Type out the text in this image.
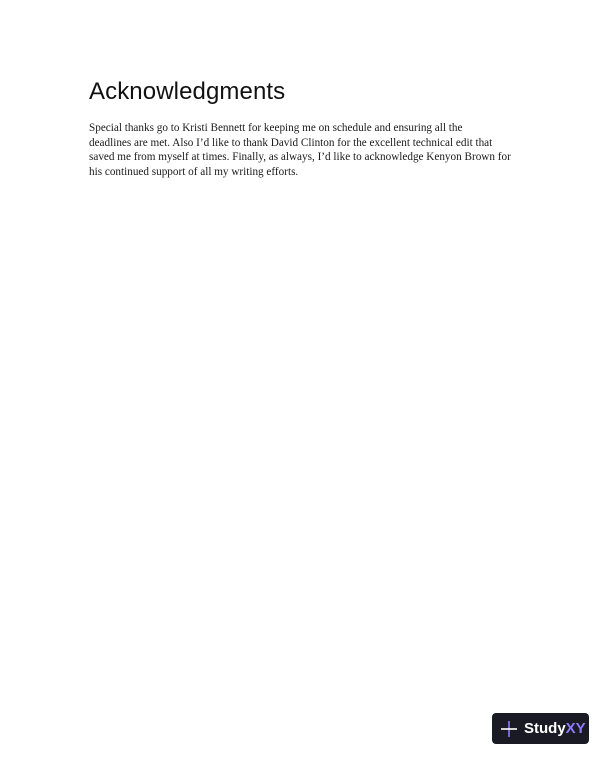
Acknowledgments

Special thanks go to Kristi Bennett for keeping me on schedule and ensuring all the
deadlines are met. Also I’d like to thank David Clinton for the excellent technical edit that
saved me from myself at times. Finally, as always, I’d like to acknowledge Kenyon Brown for
his continued support of all my writing efforts.

StudyXY
